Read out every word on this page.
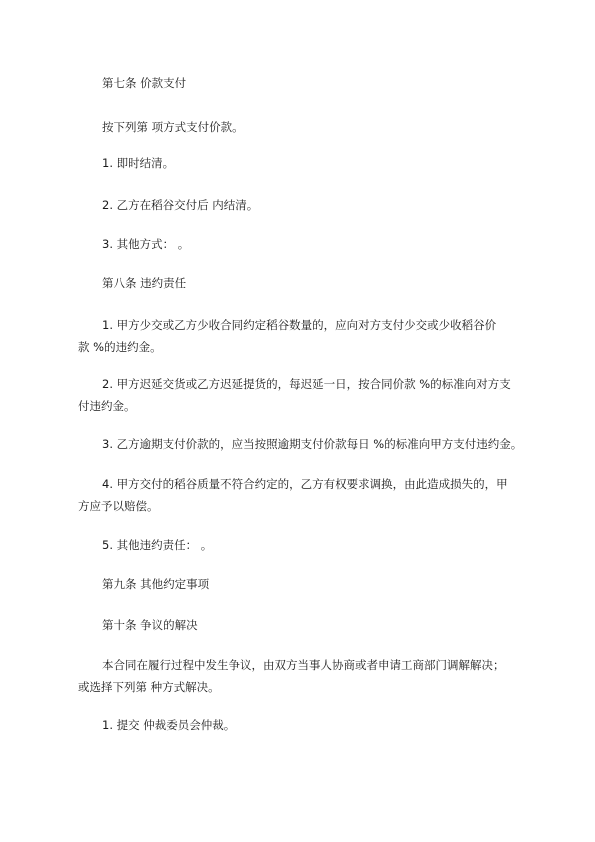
第七条 价款支付
按下列第 项方式支付价款。
1. 即时结清。
2. 乙方在稻谷交付后 内结清。
3. 其他方式： 。
第八条 违约责任
1. 甲方少交或乙方少收合同约定稻谷数量的，应向对方支付少交或少收稻谷价
款 %的违约金。
2. 甲方迟延交货或乙方迟延提货的，每迟延一日，按合同价款 %的标准向对方支
付违约金。
3. 乙方逾期支付价款的，应当按照逾期支付价款每日 %的标准向甲方支付违约金。
4. 甲方交付的稻谷质量不符合约定的，乙方有权要求调换，由此造成损失的，甲
方应予以赔偿。
5. 其他违约责任： 。
第九条 其他约定事项
第十条 争议的解决
本合同在履行过程中发生争议，由双方当事人协商或者申请工商部门调解解决；
或选择下列第 种方式解决。
1. 提交 仲裁委员会仲裁。
